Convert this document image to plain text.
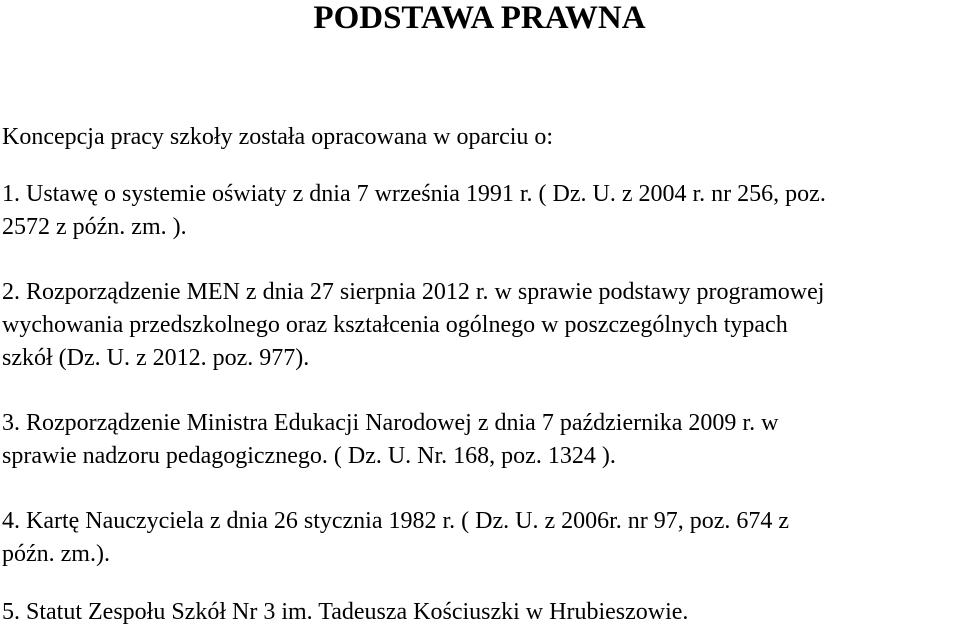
PODSTAWA PRAWNA

Koncepcja pracy szkoły została opracowana w oparciu o:

1. Ustawę o systemie oświaty z dnia 7 września 1991 r. ( Dz. U. z 2004 r. nr 256, poz.
2572 z późn. zm. ).

2. Rozporządzenie MEN z dnia 27 sierpnia 2012 r. w sprawie podstawy programowej
wychowania przedszkolnego oraz kształcenia ogólnego w poszczególnych typach
szkół (Dz. U. z 2012. poz. 977).

3. Rozporządzenie Ministra Edukacji Narodowej z dnia 7 października 2009 r. w
sprawie nadzoru pedagogicznego. ( Dz. U. Nr. 168, poz. 1324 ).

4. Kartę Nauczyciela z dnia 26 stycznia 1982 r. ( Dz. U. z 2006r. nr 97, poz. 674 z
późn. zm.).

5. Statut Zespołu Szkół Nr 3 im. Tadeusza Kościuszki w Hrubieszowie.
